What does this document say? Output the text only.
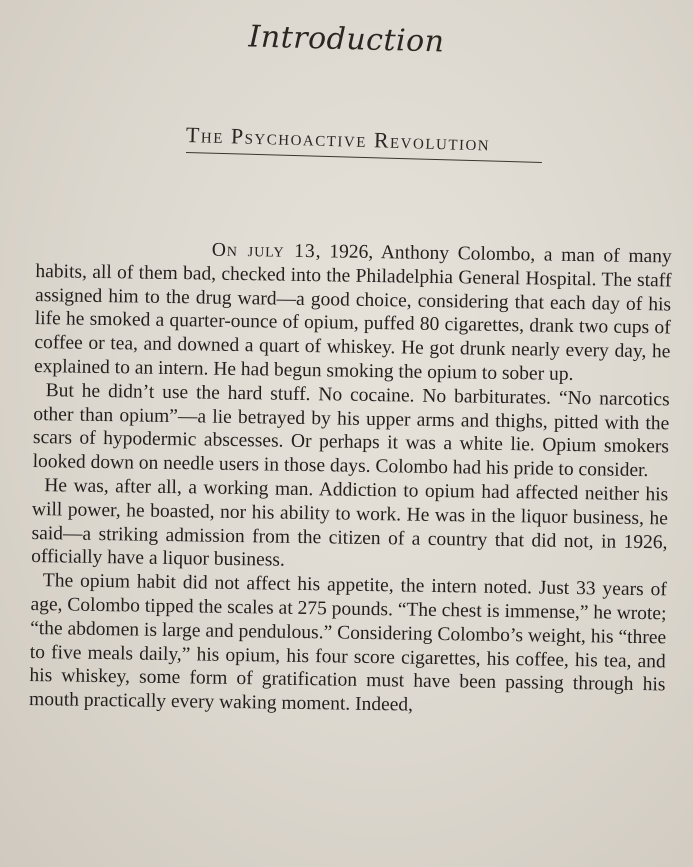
Introduction
The Psychoactive Revolution

On july 13, 1926, Anthony Colombo, a man of many habits, all of them bad, checked into the Philadelphia General Hospital. The staff assigned him to the drug ward—a good choice, considering that each day of his life he smoked a quarter-ounce of opium, puffed 80 cigarettes, drank two cups of coffee or tea, and downed a quart of whiskey. He got drunk nearly every day, he explained to an intern. He had begun smoking the opium to sober up.

But he didn’t use the hard stuff. No cocaine. No barbiturates. “No narcotics other than opium”—a lie betrayed by his upper arms and thighs, pitted with the scars of hypodermic abscesses. Or perhaps it was a white lie. Opium smokers looked down on needle users in those days. Colombo had his pride to consider.

He was, after all, a working man. Addiction to opium had affected neither his will power, he boasted, nor his ability to work. He was in the liquor business, he said—a striking admission from the citizen of a country that did not, in 1926, officially have a liquor business.

The opium habit did not affect his appetite, the intern noted. Just 33 years of age, Colombo tipped the scales at 275 pounds. “The chest is immense,” he wrote; “the abdomen is large and pendulous.” Considering Colombo’s weight, his “three to five meals daily,” his opium, his four score cigarettes, his coffee, his tea, and his whiskey, some form of gratification must have been passing through his mouth practically every waking moment. Indeed,
